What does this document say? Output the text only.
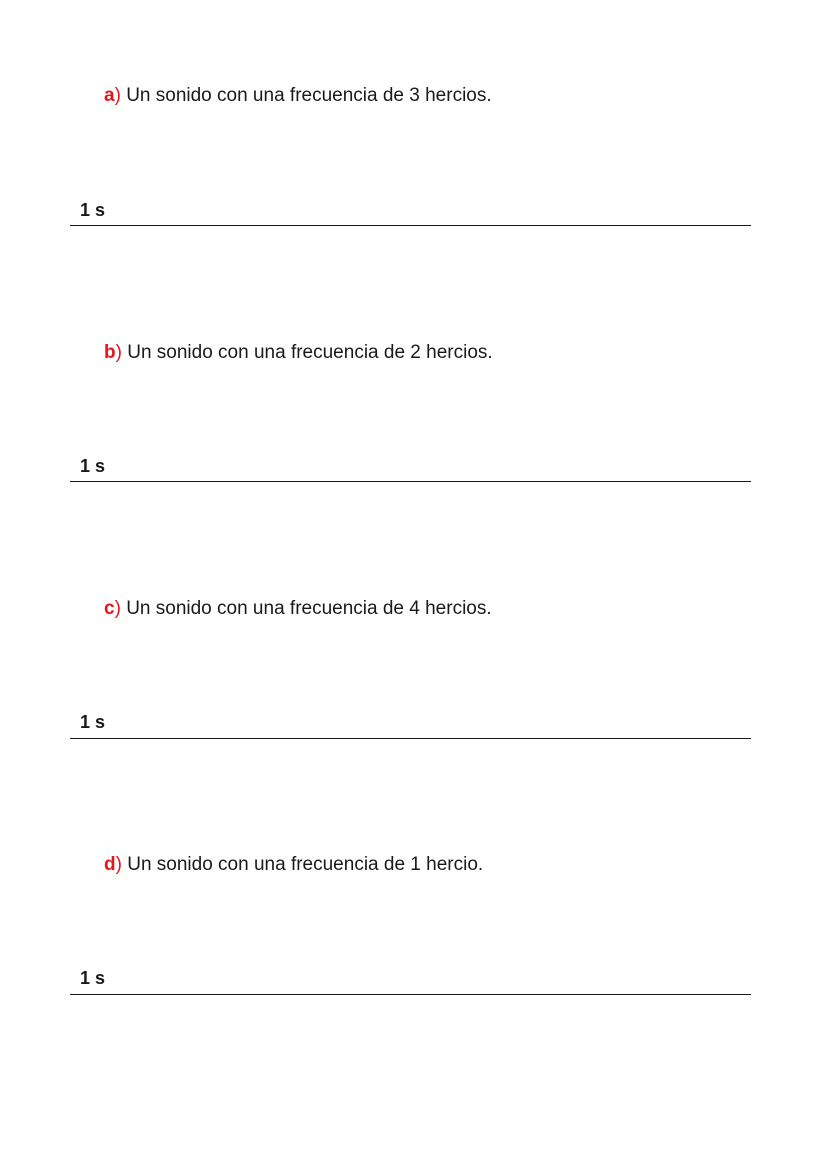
a) Un sonido con una frecuencia de 3 hercios.
1 s
b) Un sonido con una frecuencia de 2 hercios.
1 s
c) Un sonido con una frecuencia de 4 hercios.
1 s
d) Un sonido con una frecuencia de 1 hercio.
1 s
